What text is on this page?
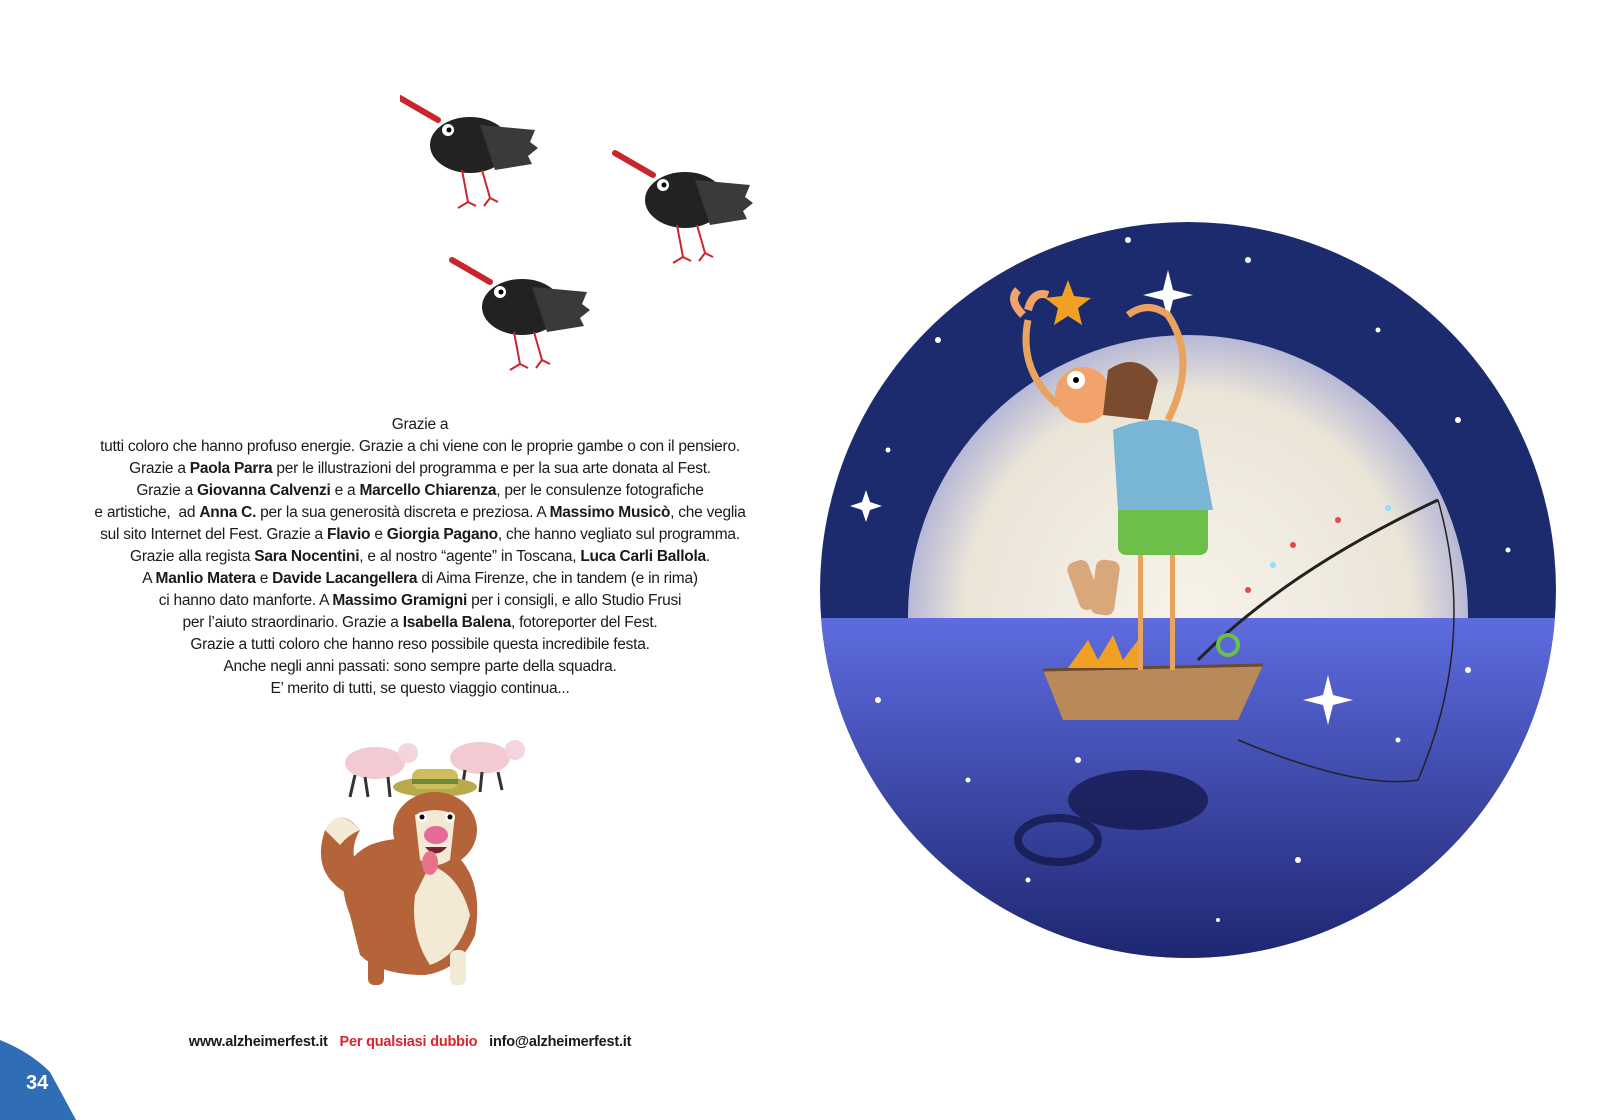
Grazie a

tutti coloro che hanno profuso energie. Grazie a chi viene con le proprie gambe o con il pensiero.

Grazie a Paola Parra per le illustrazioni del programma e per la sua arte donata al Fest.

Grazie a Giovanna Calvenzi e a Marcello Chiarenza, per le consulenze fotografiche

e artistiche,  ad Anna C. per la sua generosità discreta e preziosa. A Massimo Musicò, che veglia

sul sito Internet del Fest. Grazie a Flavio e Giorgia Pagano, che hanno vegliato sul programma.

Grazie alla regista Sara Nocentini, e al nostro “agente” in Toscana, Luca Carli Ballola.

A Manlio Matera e Davide Lacangellera di Aima Firenze, che in tandem (e in rima)

ci hanno dato manforte. A Massimo Gramigni per i consigli, e allo Studio Frusi

per l’aiuto straordinario. Grazie a Isabella Balena, fotoreporter del Fest.

Grazie a tutti coloro che hanno reso possibile questa incredibile festa.

Anche negli anni passati: sono sempre parte della squadra.

E’ merito di tutti, se questo viaggio continua...

www.alzheimerfest.it Per qualsiasi dubbio info@alzheimerfest.it
34
